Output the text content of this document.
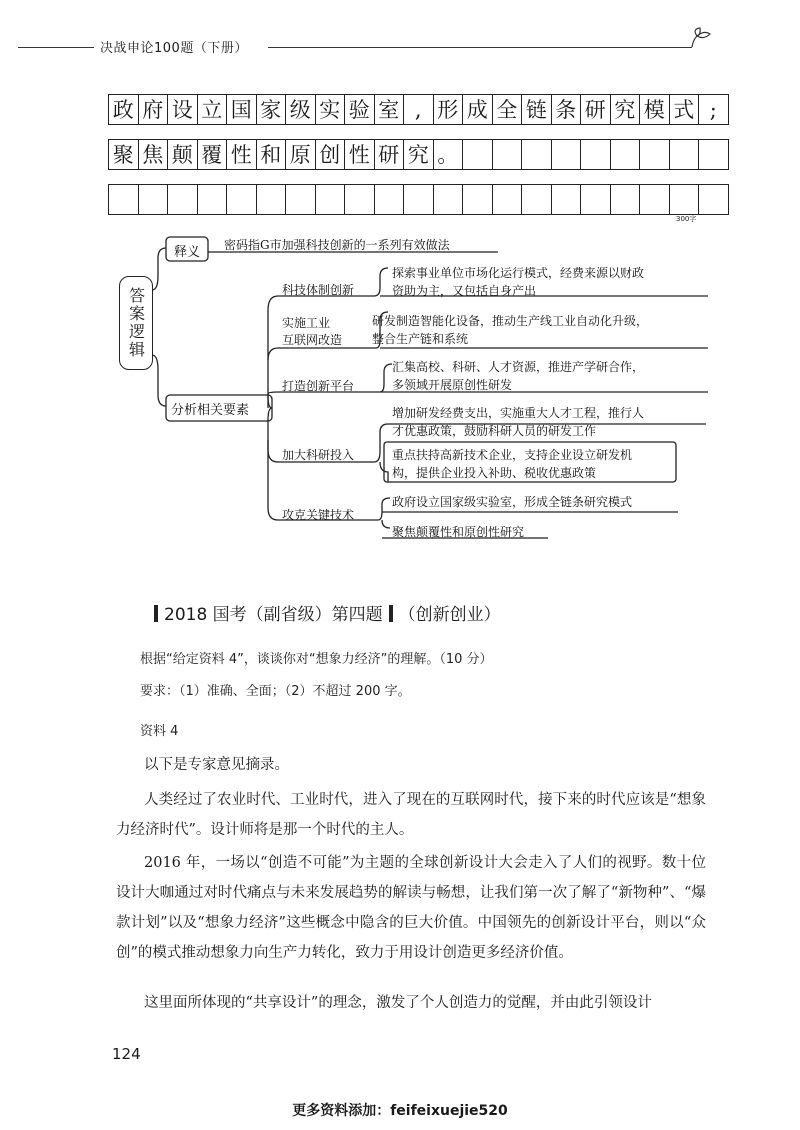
决战申论100题（下册）
政	府	设	立	国	家	级	实	验	室	,	形	成	全	链	条	研	究	模	式	;
聚	焦	颠	覆	性	和	原	创	性	研	究	。									

300字
答案逻辑
释义 密码指G市加强科技创新的一系列有效做法
分析相关要素
科技体制创新
探索事业单位市场化运行模式，经费来源以财政
资助为主，又包括自身产出
实施工业
互联网改造
研发制造智能化设备，推动生产线工业自动化升级，
整合生产链和系统
打造创新平台
汇集高校、科研、人才资源，推进产学研合作，
多领域开展原创性研发
加大科研投入
增加研发经费支出，实施重大人才工程，推行人
才优惠政策，鼓励科研人员的研发工作
重点扶持高新技术企业，支持企业设立研发机
构，提供企业投入补助、税收优惠政策
攻克关键技术
政府设立国家级实验室，形成全链条研究模式
聚焦颠覆性和原创性研究
2018 国考（副省级）第四题 （创新创业）
根据“给定资料 4”，谈谈你对“想象力经济”的理解。（10 分）
要求：（1）准确、全面；（2）不超过 200 字。
资料 4
以下是专家意见摘录。
人类经过了农业时代、工业时代，进入了现在的互联网时代，接下来的时代应该是“想象力经济时代”。设计师将是那一个时代的主人。
2016 年，一场以“创造不可能”为主题的全球创新设计大会走入了人们的视野。数十位设计大咖通过对时代痛点与未来发展趋势的解读与畅想，让我们第一次了解了“新物种”、“爆款计划”以及“想象力经济”这些概念中隐含的巨大价值。中国领先的创新设计平台，则以“众创”的模式推动想象力向生产力转化，致力于用设计创造更多经济价值。
这里面所体现的“共享设计”的理念，激发了个人创造力的觉醒，并由此引领设计
124
更多资料添加：feifeixuejie520
